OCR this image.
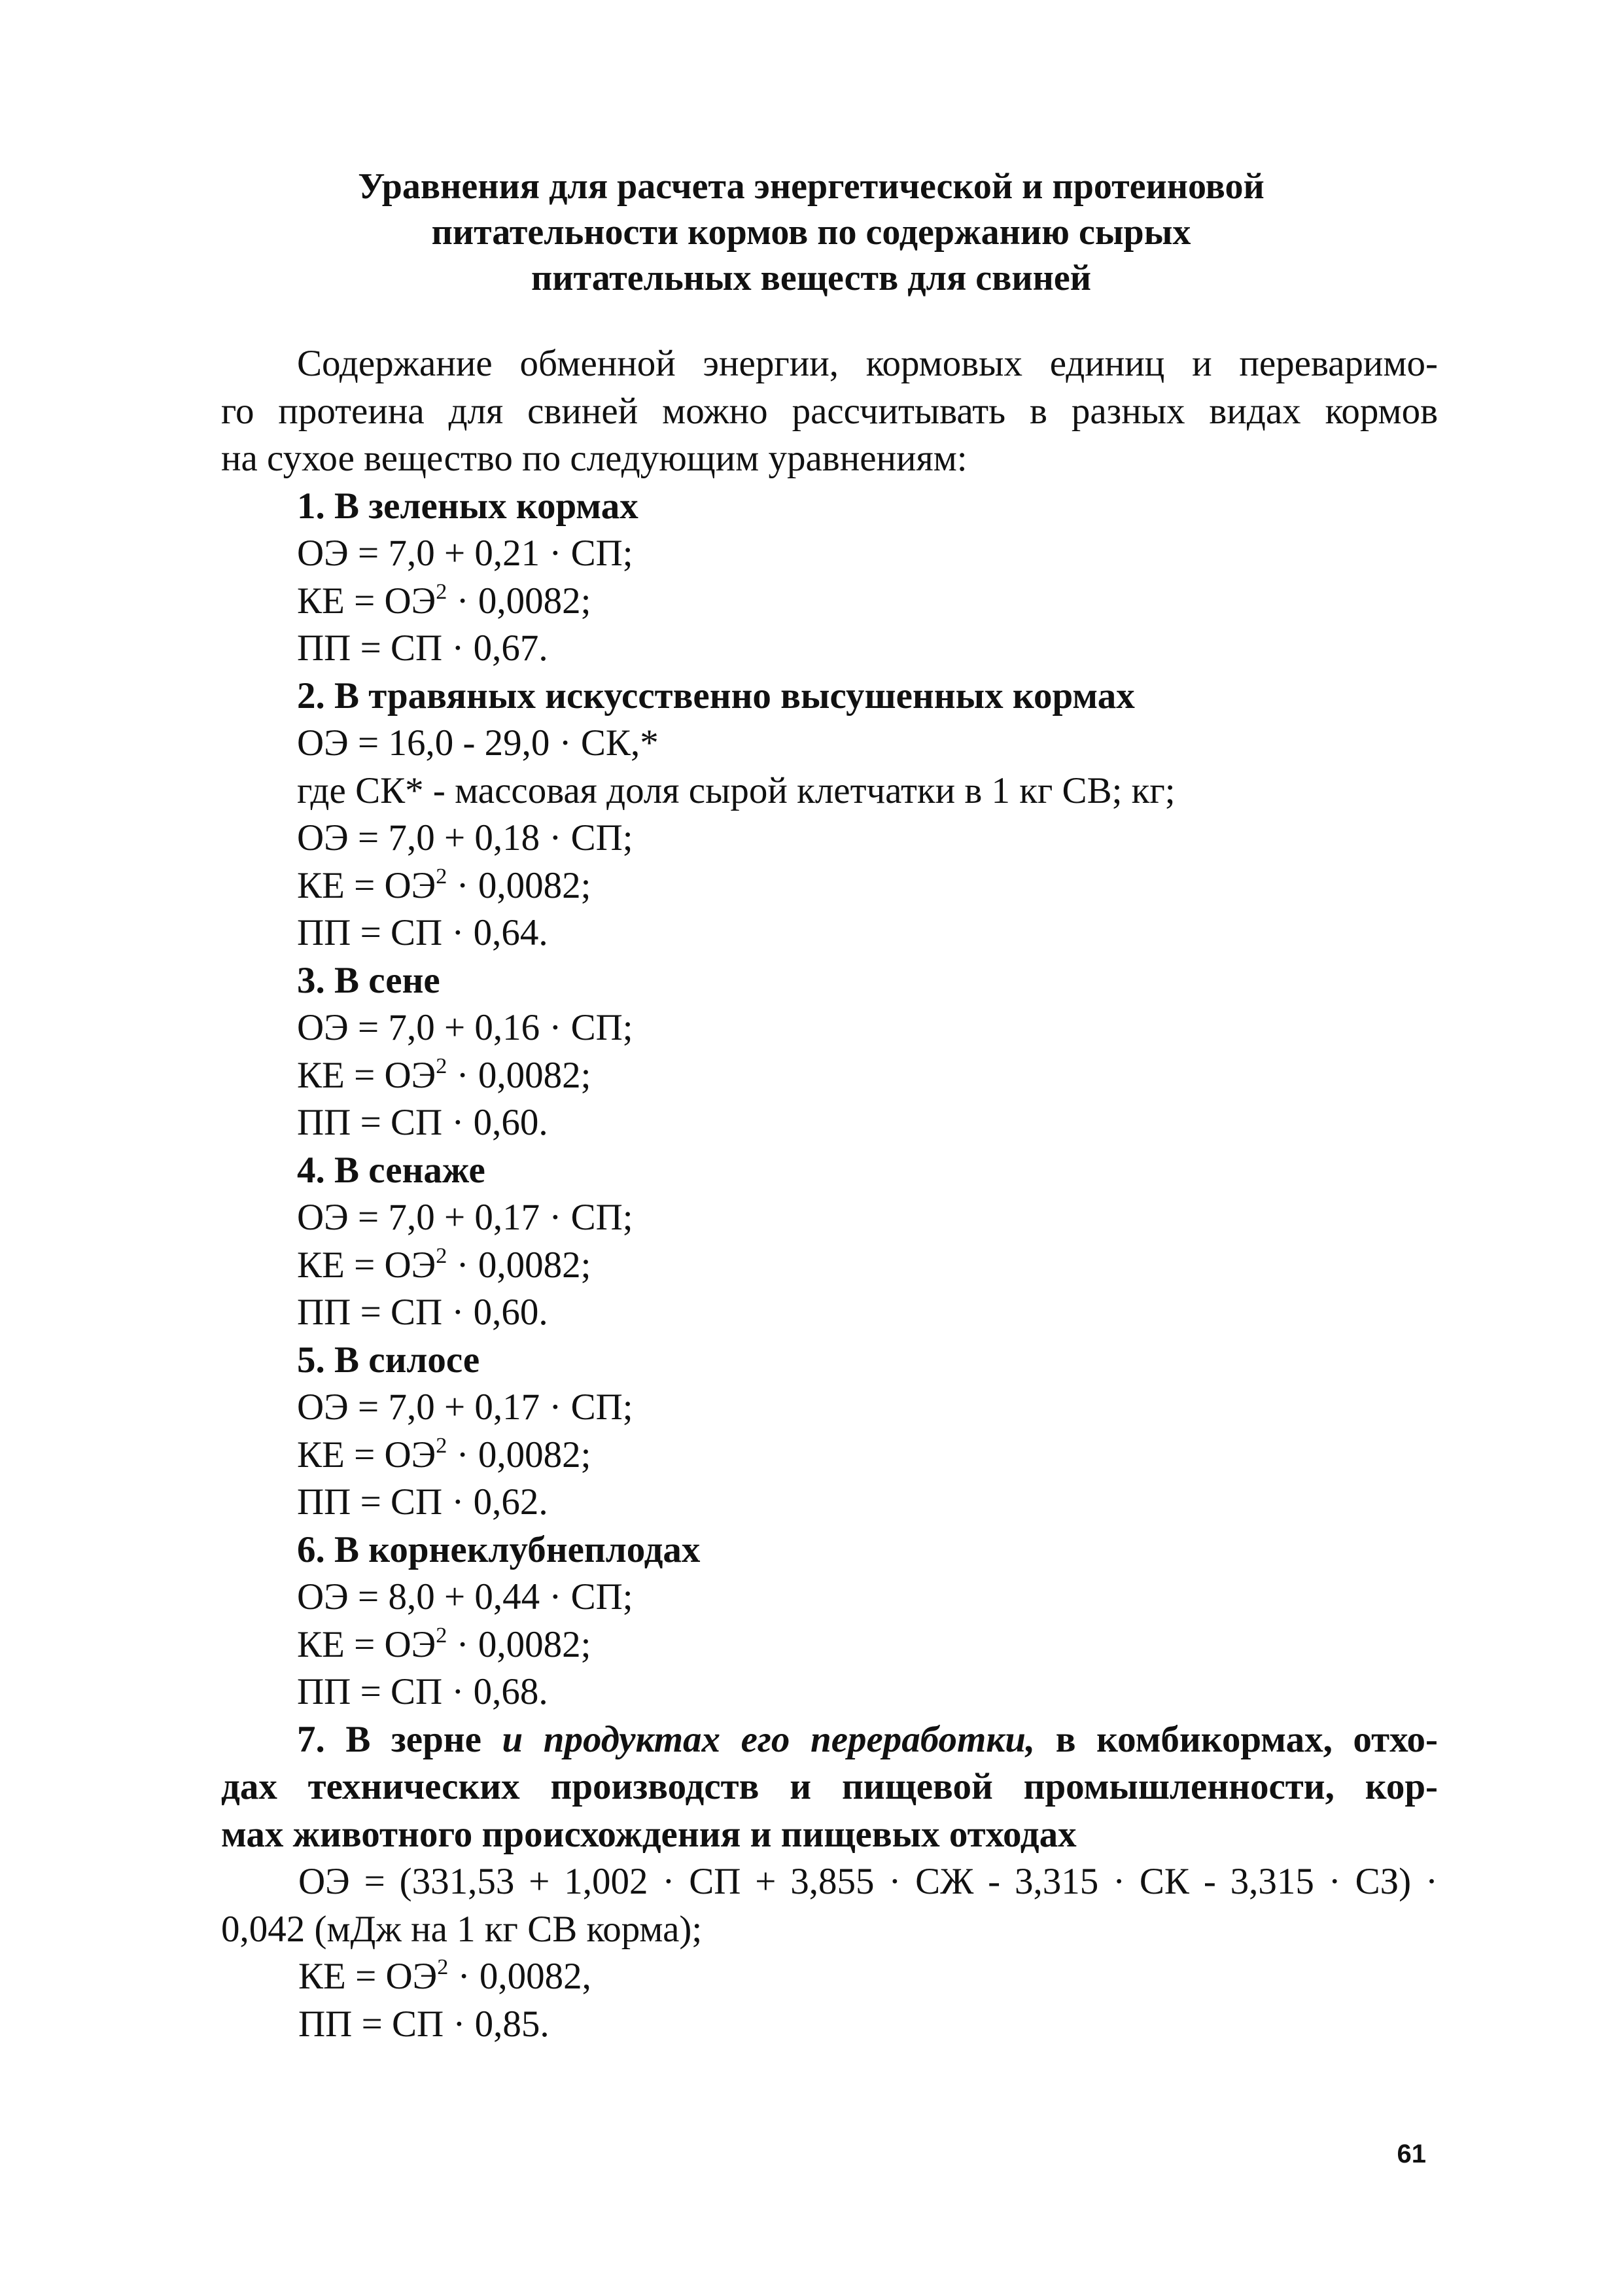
Уравнения для расчета энергетической и протеиновой
питательности кормов по содержанию сырых
питательных веществ для свиней
Содержание обменной энергии, кормовых единиц и переваримо-
го протеина для свиней можно рассчитывать в разных видах кормов
на сухое вещество по следующим уравнениям:
1. В зеленых кормах
ОЭ = 7,0 + 0,21 · СП;
КЕ = $ОЭ^2 \cdot 0,0082$;
ПП = СП · 0,67.
2. В травяных искусственно высушенных кормах
ОЭ = 16,0 - 29,0 · СК,*
где СК* - массовая доля сырой клетчатки в 1 кг СВ; кг;
ОЭ = 7,0 + 0,18 · СП;
КЕ = $ОЭ^2 \cdot 0,0082$;
ПП = СП · 0,64.
3. В сене
ОЭ = 7,0 + 0,16 · СП;
КЕ = $ОЭ^2 \cdot 0,0082$;
ПП = СП · 0,60.
4. В сенаже
ОЭ = 7,0 + 0,17 · СП;
КЕ = $ОЭ^2 \cdot 0,0082$;
ПП = СП · 0,60.
5. В силосе
ОЭ = 7,0 + 0,17 · СП;
КЕ = $ОЭ^2 \cdot 0,0082$;
ПП = СП · 0,62.
6. В корнеклубнеплодах
ОЭ = 8,0 + 0,44 · СП;
КЕ = $ОЭ^2 \cdot 0,0082$;
ПП = СП · 0,68.
7. В зерне и продуктах его переработки, в комбикормах, отхо-
дах технических производств и пищевой промышленности, кор-
мах животного происхождения и пищевых отходах
ОЭ = (331,53 + 1,002 · СП + 3,855 · СЖ - 3,315 · СК - 3,315 · СЗ) ·
0,042 (мДж на 1 кг СВ корма);
КЕ = $ОЭ^2 \cdot 0,0082$,
ПП = СП · 0,85.
61
